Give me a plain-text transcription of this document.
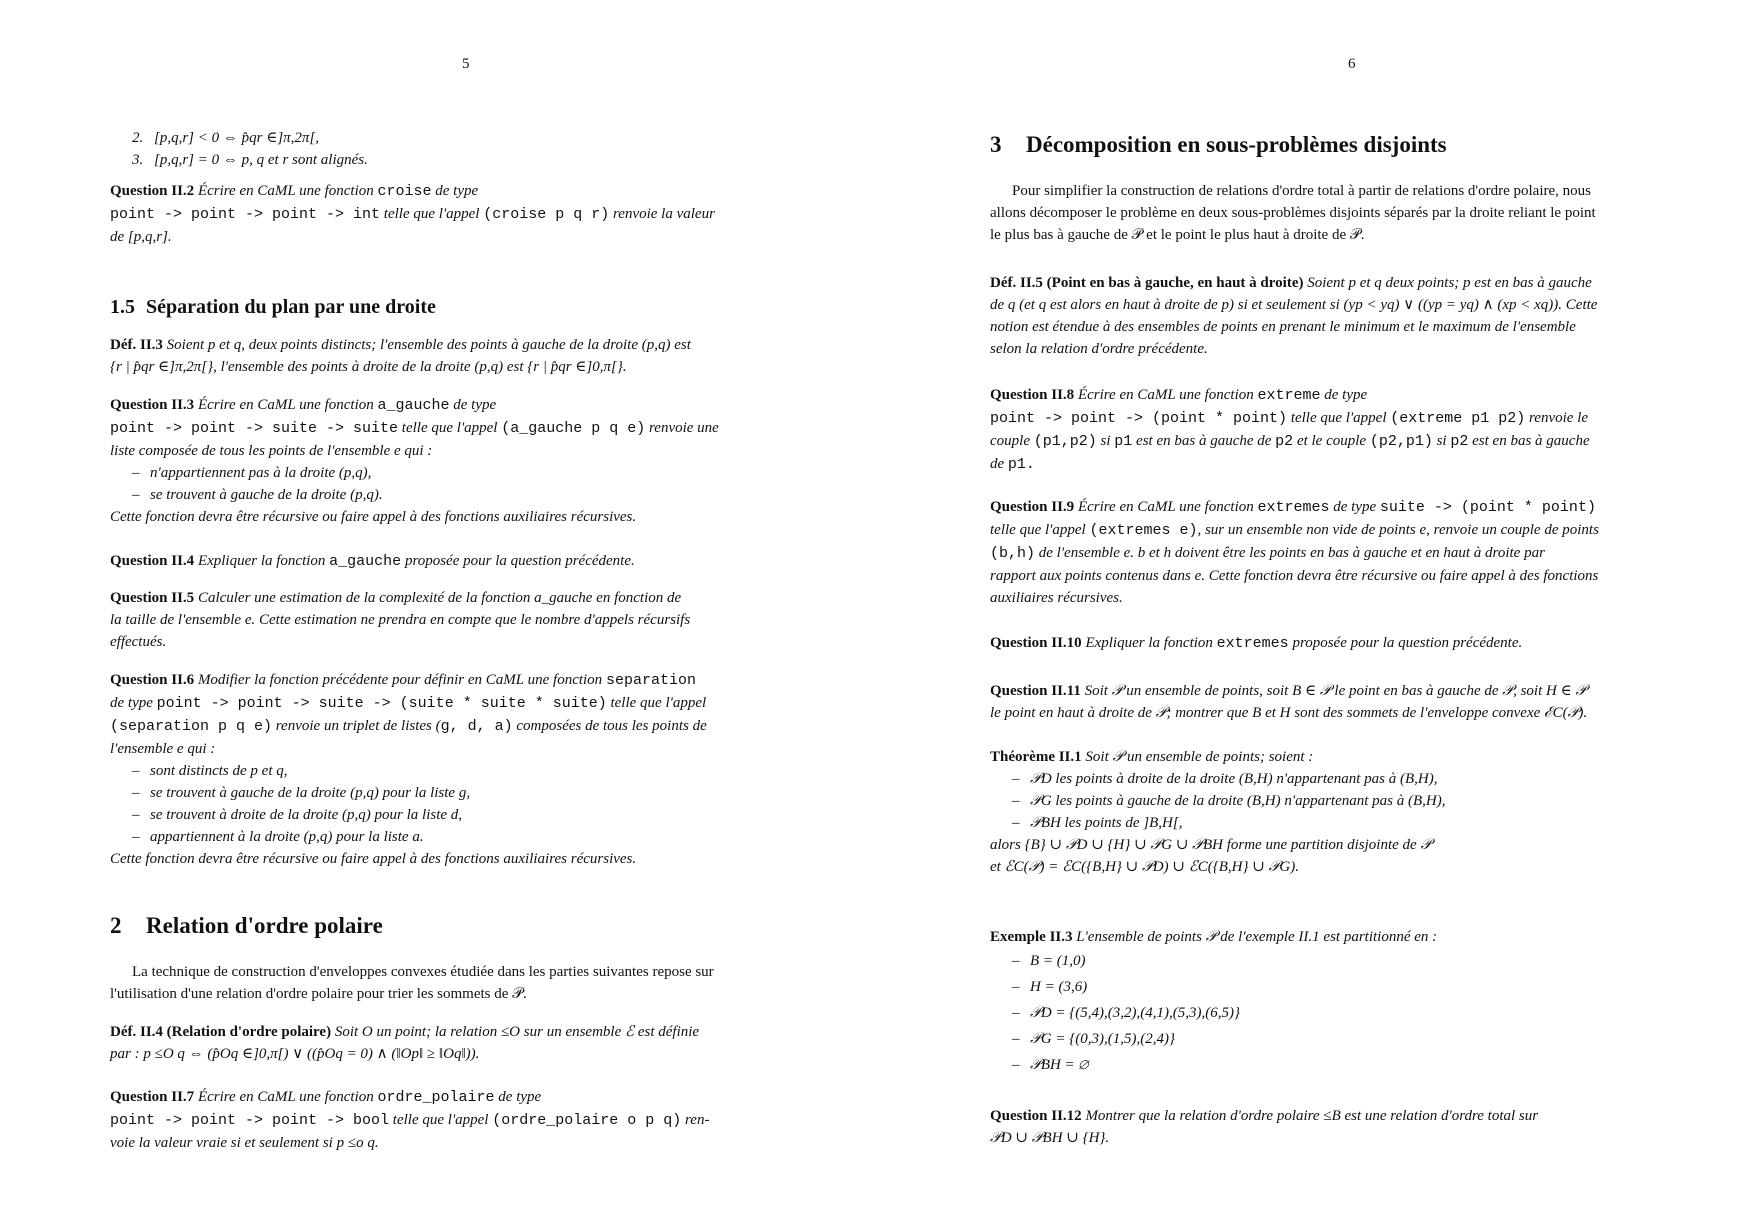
5

2. [p,q,r] < 0 ⇔ p̂qr ∈]π,2π[,

3. [p,q,r] = 0 ⇔ p, q et r sont alignés.

Question II.2 Écrire en CaML une fonction croise de type

point -> point -> point -> int telle que l'appel (croise p q r) renvoie la valeur

de [p,q,r].

1.5 Séparation du plan par une droite

Déf. II.3 Soient p et q, deux points distincts; l'ensemble des points à gauche de la droite (p,q) est

{r | p̂qr ∈]π,2π[}, l'ensemble des points à droite de la droite (p,q) est {r | p̂qr ∈]0,π[}.

Question II.3 Écrire en CaML une fonction a_gauche de type

point -> point -> suite -> suite telle que l'appel (a_gauche p q e) renvoie une

liste composée de tous les points de l'ensemble e qui :

– n'appartiennent pas à la droite (p,q),

– se trouvent à gauche de la droite (p,q).

Cette fonction devra être récursive ou faire appel à des fonctions auxiliaires récursives.

Question II.4 Expliquer la fonction a_gauche proposée pour la question précédente.

Question II.5 Calculer une estimation de la complexité de la fonction a_gauche en fonction de

la taille de l'ensemble e. Cette estimation ne prendra en compte que le nombre d'appels récursifs

effectués.

Question II.6 Modifier la fonction précédente pour définir en CaML une fonction separation

de type point -> point -> suite -> (suite * suite * suite) telle que l'appel

(separation p q e) renvoie un triplet de listes (g, d, a) composées de tous les points de

l'ensemble e qui :

– sont distincts de p et q,

– se trouvent à gauche de la droite (p,q) pour la liste g,

– se trouvent à droite de la droite (p,q) pour la liste d,

– appartiennent à la droite (p,q) pour la liste a.

Cette fonction devra être récursive ou faire appel à des fonctions auxiliaires récursives.

2 Relation d'ordre polaire

La technique de construction d'enveloppes convexes étudiée dans les parties suivantes repose sur

l'utilisation d'une relation d'ordre polaire pour trier les sommets de 𝒫.

Déf. II.4 (Relation d'ordre polaire) Soit O un point; la relation ≤O sur un ensemble ℰ est définie

par : p ≤O q ⇔ (p̂Oq ∈]0,π[) ∨ ((p̂Oq = 0) ∧ (‖Op‖ ≥ ‖Oq‖)).

Question II.7 Écrire en CaML une fonction ordre_polaire de type

point -> point -> point -> bool telle que l'appel (ordre_polaire o p q) ren-

voie la valeur vraie si et seulement si p ≤o q.

6
3 Décomposition en sous-problèmes disjoints

Pour simplifier la construction de relations d'ordre total à partir de relations d'ordre polaire, nous

allons décomposer le problème en deux sous-problèmes disjoints séparés par la droite reliant le point

le plus bas à gauche de 𝒫 et le point le plus haut à droite de 𝒫.

Déf. II.5 (Point en bas à gauche, en haut à droite) Soient p et q deux points; p est en bas à gauche

de q (et q est alors en haut à droite de p) si et seulement si (yp < yq) ∨ ((yp = yq) ∧ (xp < xq)). Cette

notion est étendue à des ensembles de points en prenant le minimum et le maximum de l'ensemble

selon la relation d'ordre précédente.

Question II.8 Écrire en CaML une fonction extreme de type

point -> point -> (point * point) telle que l'appel (extreme p1 p2) renvoie le

couple (p1,p2) si p1 est en bas à gauche de p2 et le couple (p2,p1) si p2 est en bas à gauche

de p1.

Question II.9 Écrire en CaML une fonction extremes de type suite -> (point * point)

telle que l'appel (extremes e), sur un ensemble non vide de points e, renvoie un couple de points

(b,h) de l'ensemble e. b et h doivent être les points en bas à gauche et en haut à droite par

rapport aux points contenus dans e. Cette fonction devra être récursive ou faire appel à des fonctions

auxiliaires récursives.

Question II.10 Expliquer la fonction extremes proposée pour la question précédente.

Question II.11 Soit 𝒫 un ensemble de points, soit B ∈ 𝒫 le point en bas à gauche de 𝒫, soit H ∈ 𝒫

le point en haut à droite de 𝒫; montrer que B et H sont des sommets de l'enveloppe convexe ℰC(𝒫).

Théorème II.1 Soit 𝒫 un ensemble de points; soient :

– 𝒫D les points à droite de la droite (B,H) n'appartenant pas à (B,H),

– 𝒫G les points à gauche de la droite (B,H) n'appartenant pas à (B,H),

– 𝒫BH les points de ]B,H[,

alors {B} ∪ 𝒫D ∪ {H} ∪ 𝒫G ∪ 𝒫BH forme une partition disjointe de 𝒫

et ℰC(𝒫) = ℰC({B,H} ∪ 𝒫D) ∪ ℰC({B,H} ∪ 𝒫G).

Exemple II.3 L'ensemble de points 𝒫 de l'exemple II.1 est partitionné en :

– B = (1,0)

– H = (3,6)

– 𝒫D = {(5,4),(3,2),(4,1),(5,3),(6,5)}

– 𝒫G = {(0,3),(1,5),(2,4)}

– 𝒫BH = ∅

Question II.12 Montrer que la relation d'ordre polaire ≤B est une relation d'ordre total sur

𝒫D ∪ 𝒫BH ∪ {H}.
